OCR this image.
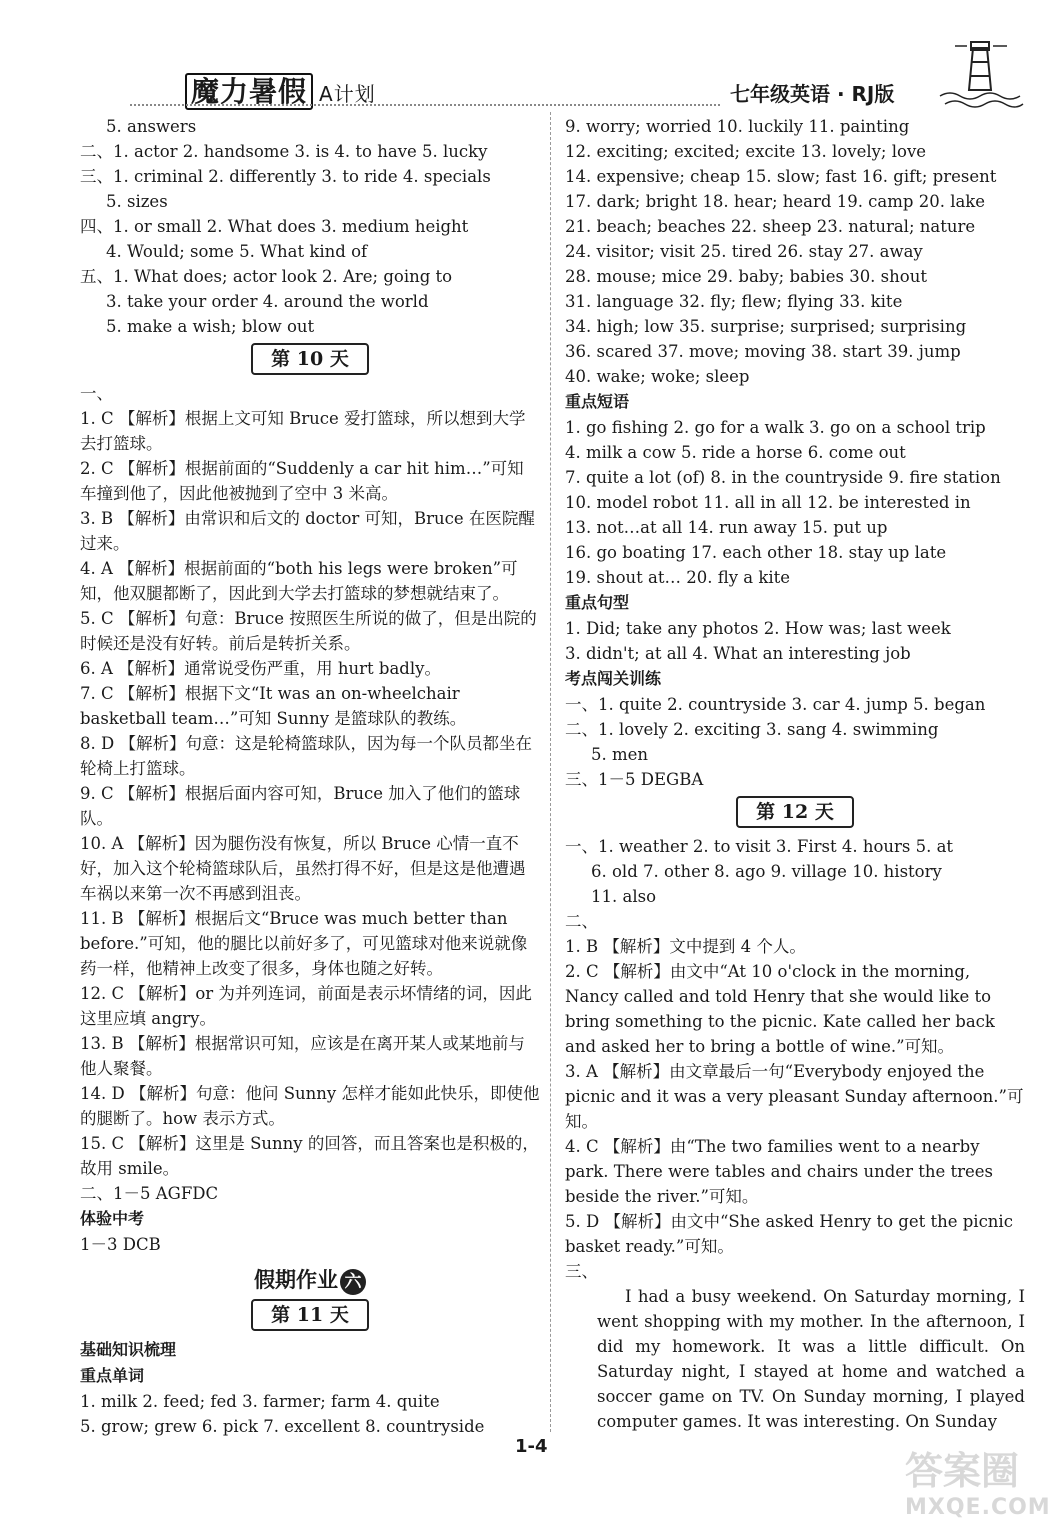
魔力暑假 A计划	七年级英语 · RJ版
5. answers
二、1. actor 2. handsome 3. is 4. to have 5. lucky
三、1. criminal 2. differently 3. to ride 4. specials
5. sizes
四、1. or small 2. What does 3. medium height
4. Would; some 5. What kind of
五、1. What does; actor look 2. Are; going to
3. take your order 4. around the world
5. make a wish; blow out
第 10 天
一、
1. C 【解析】根据上文可知 Bruce 爱打篮球，所以想到大学去打篮球。
2. C 【解析】根据前面的“Suddenly a car hit him…”可知车撞到他了，因此他被抛到了空中 3 米高。
3. B 【解析】由常识和后文的 doctor 可知，Bruce 在医院醒过来。
4. A 【解析】根据前面的“both his legs were broken”可知，他双腿都断了，因此到大学去打篮球的梦想就结束了。
5. C 【解析】句意：Bruce 按照医生所说的做了，但是出院的时候还是没有好转。前后是转折关系。
6. A 【解析】通常说受伤严重，用 hurt badly。
7. C 【解析】根据下文“It was an on-wheelchair basketball team…”可知 Sunny 是篮球队的教练。
8. D 【解析】句意：这是轮椅篮球队，因为每一个队员都坐在轮椅上打篮球。
9. C 【解析】根据后面内容可知，Bruce 加入了他们的篮球队。
10. A 【解析】因为腿伤没有恢复，所以 Bruce 心情一直不好，加入这个轮椅篮球队后，虽然打得不好，但是这是他遭遇车祸以来第一次不再感到沮丧。
11. B 【解析】根据后文“Bruce was much better than before.”可知，他的腿比以前好多了，可见篮球对他来说就像药一样，他精神上改变了很多，身体也随之好转。
12. C 【解析】or 为并列连词，前面是表示坏情绪的词，因此这里应填 angry。
13. B 【解析】根据常识可知，应该是在离开某人或某地前与他人聚餐。
14. D 【解析】句意：他问 Sunny 怎样才能如此快乐，即使他的腿断了。how 表示方式。
15. C 【解析】这里是 Sunny 的回答，而且答案也是积极的，故用 smile。
二、1－5 AGFDC
体验中考
1－3 DCB
假期作业 六
第 11 天
基础知识梳理
重点单词
1. milk 2. feed; fed 3. farmer; farm 4. quite
5. grow; grew 6. pick 7. excellent 8. countryside
9. worry; worried 10. luckily 11. painting
12. exciting; excited; excite 13. lovely; love
14. expensive; cheap 15. slow; fast 16. gift; present
17. dark; bright 18. hear; heard 19. camp 20. lake
21. beach; beaches 22. sheep 23. natural; nature
24. visitor; visit 25. tired 26. stay 27. away
28. mouse; mice 29. baby; babies 30. shout
31. language 32. fly; flew; flying 33. kite
34. high; low 35. surprise; surprised; surprising
36. scared 37. move; moving 38. start 39. jump
40. wake; woke; sleep
重点短语
1. go fishing 2. go for a walk 3. go on a school trip
4. milk a cow 5. ride a horse 6. come out
7. quite a lot (of) 8. in the countryside 9. fire station
10. model robot 11. all in all 12. be interested in
13. not…at all 14. run away 15. put up
16. go boating 17. each other 18. stay up late
19. shout at… 20. fly a kite
重点句型
1. Did; take any photos 2. How was; last week
3. didn't; at all 4. What an interesting job
考点闯关训练
一、1. quite 2. countryside 3. car 4. jump 5. began
二、1. lovely 2. exciting 3. sang 4. swimming
5. men
三、1－5 DEGBA
第 12 天
一、1. weather 2. to visit 3. First 4. hours 5. at
6. old 7. other 8. ago 9. village 10. history
11. also
二、
1. B 【解析】文中提到 4 个人。
2. C 【解析】由文中“At 10 o'clock in the morning, Nancy called and told Henry that she would like to bring something to the picnic. Kate called her back and asked her to bring a bottle of wine.”可知。
3. A 【解析】由文章最后一句“Everybody enjoyed the picnic and it was a very pleasant Sunday afternoon.”可知。
4. C 【解析】由“The two families went to a nearby park. There were tables and chairs under the trees beside the river.”可知。
5. D 【解析】由文中“She asked Henry to get the picnic basket ready.”可知。
三、
I had a busy weekend. On Saturday morning, I went shopping with my mother. In the afternoon, I did my homework. It was a little difficult. On Saturday night, I stayed at home and watched a soccer game on TV. On Sunday morning, I played computer games. It was interesting. On Sunday
1-4
答案圈
MXQE.COM
